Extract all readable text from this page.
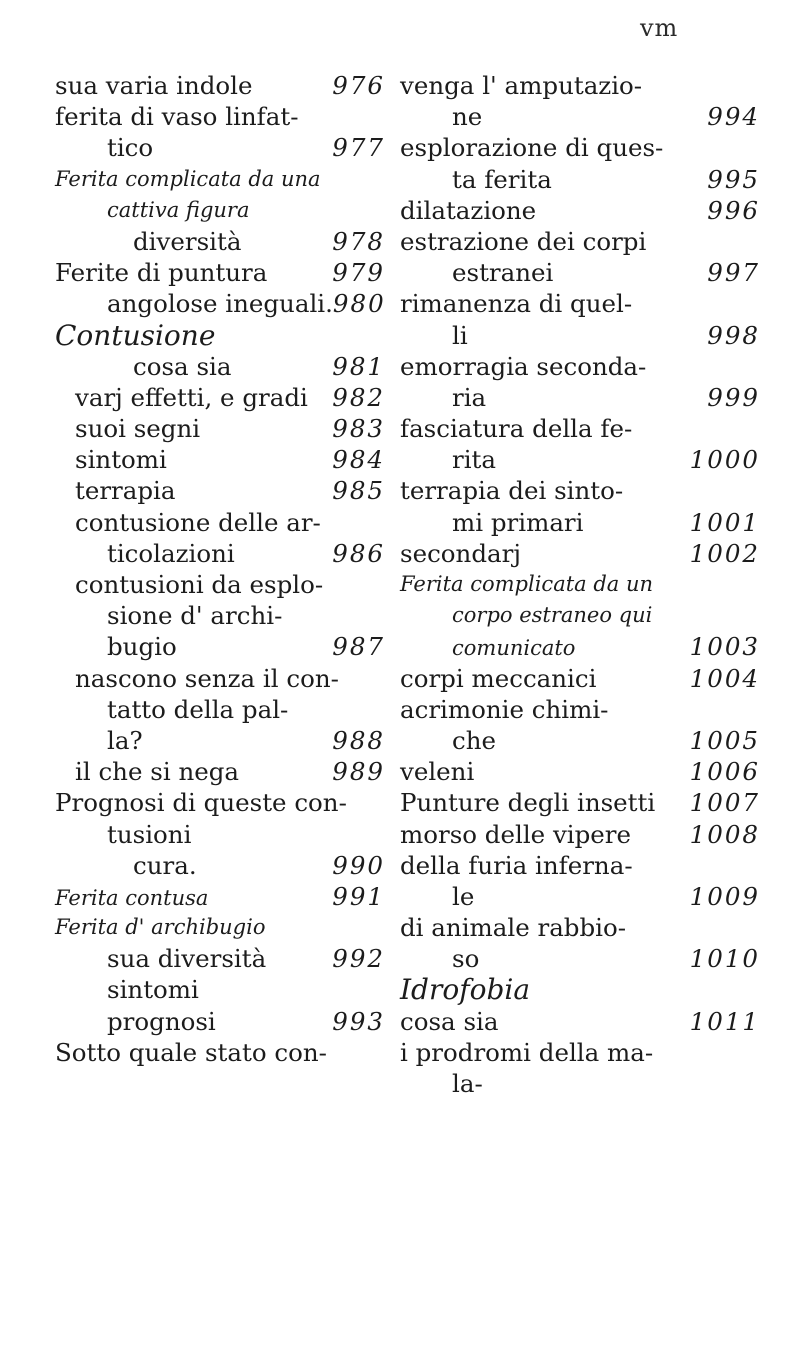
vm
sua varia indole	976
ferita di vaso linfat-
tico	977
Ferita complicata da una
cattiva figura
diversità	978
Ferite di puntura	979
angolose ineguali. 980
Contusione
cosa sia	981
varj effetti, e gradi 982
suoi segni	983
sintomi	984
terrapia	985
contusione delle ar-
ticolazioni	986
contusioni da esplo-
sione d' archi-
bugio	987
nascono senza il con-
tatto della pal-
la?	988
il che si nega	989
Prognosi di queste con-
tusioni
cura.	990
Ferita contusa	991
Ferita d' archibugio
sua diversità	992
sintomi
prognosi	993
Sotto quale stato con-
venga l' amputazio-
ne	994
esplorazione di ques-
ta ferita	995
dilatazione	996
estrazione dei corpi
estranei	997
rimanenza di quel-
li	998
emorragia seconda-
ria	999
fasciatura della fe-
rita	1000
terrapia dei sinto-
mi primari	1001
secondarj	1002
Ferita complicata da un
corpo estraneo qui
comunicato	1003
corpi meccanici	1004
acrimonie chimi-
che	1005
veleni	1006
Punture degli insetti 1007
morso delle vipere 1008
della furia inferna-
le	1009
di animale rabbio-
so	1010
Idrofobia
cosa sia	1011
i prodromi della ma-
la-
